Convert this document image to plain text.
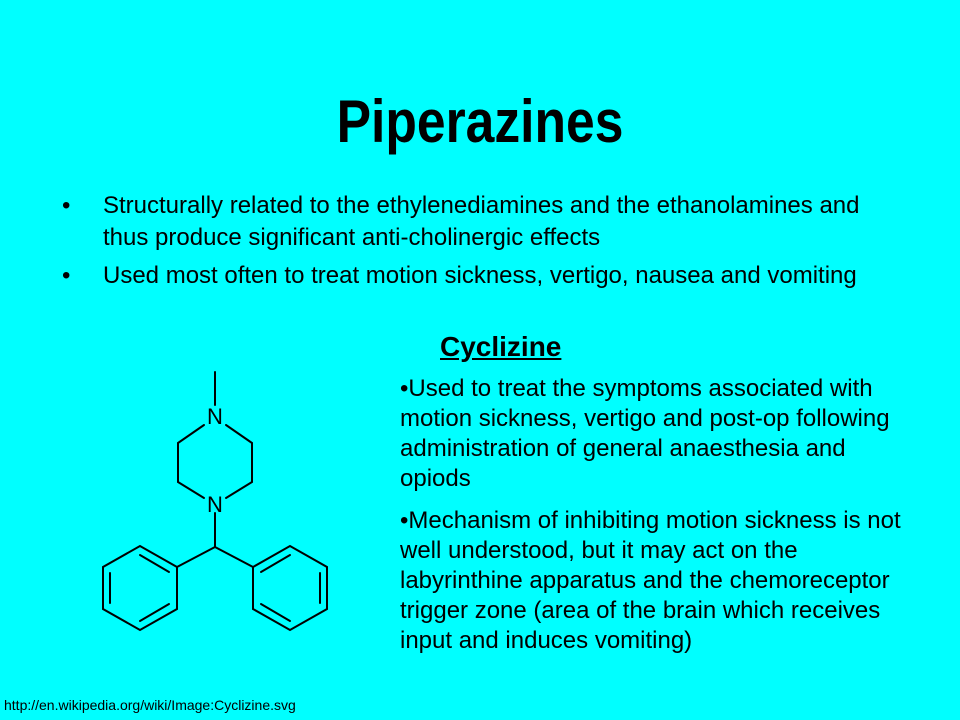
Piperazines
• Structurally related to the ethylenediamines and the ethanolamines and thus produce significant anti-cholinergic effects
• Used most often to treat motion sickness, vertigo, nausea and vomiting
Cyclizine
N
N
•Used to treat the symptoms associated with motion sickness, vertigo and post-op following administration of general anaesthesia and opiods
•Mechanism of inhibiting motion sickness is not well understood, but it may act on the labyrinthine apparatus and the chemoreceptor trigger zone (area of the brain which receives input and induces vomiting)
http://en.wikipedia.org/wiki/Image:Cyclizine.svg
